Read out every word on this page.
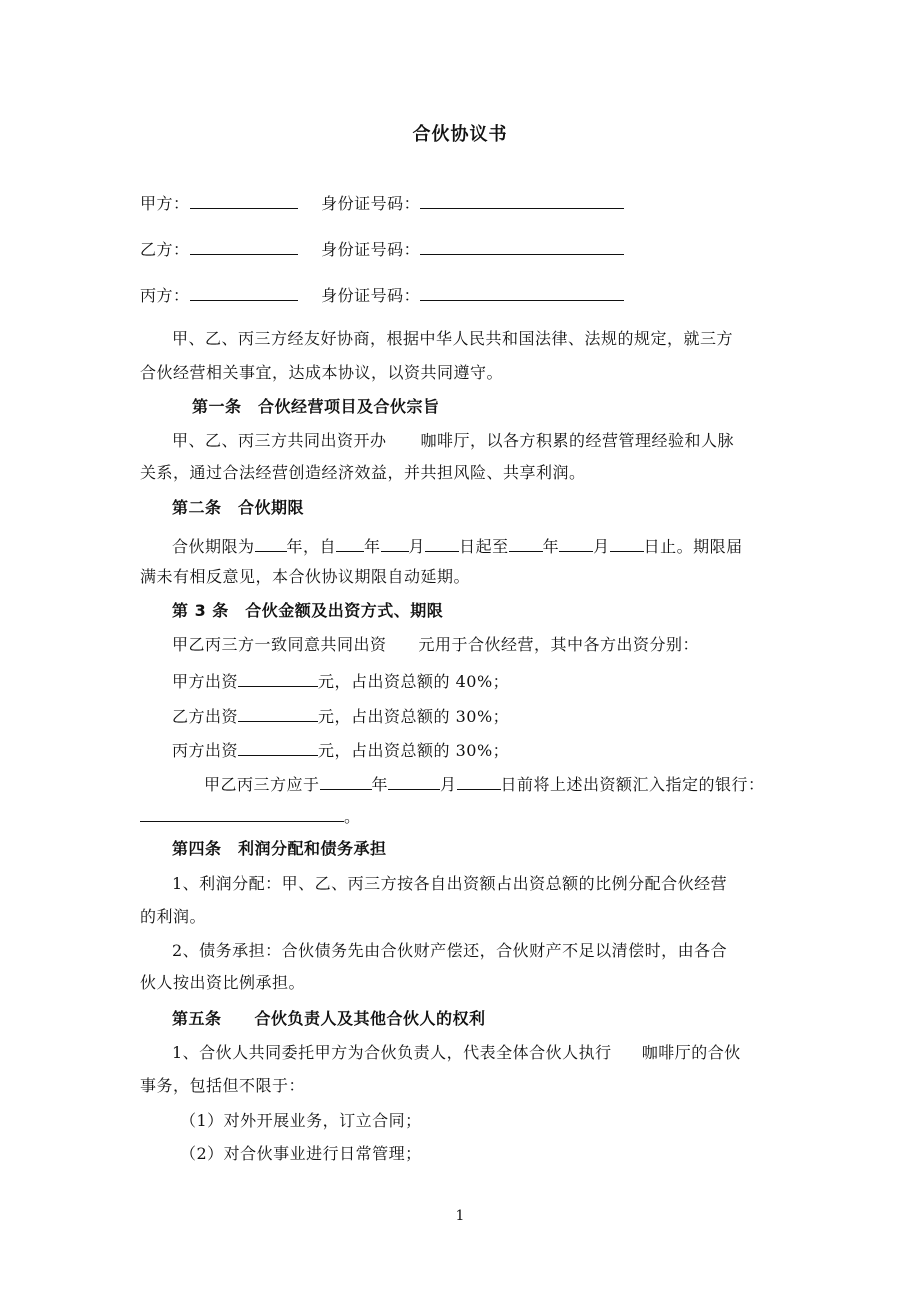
合伙协议书
甲方：	身份证号码：
乙方：	身份证号码：
丙方：	身份证号码：
甲、乙、丙三方经友好协商，根据中华人民共和国法律、法规的规定，就三方
合伙经营相关事宜，达成本协议，以资共同遵守。
第一条　合伙经营项目及合伙宗旨
甲、乙、丙三方共同出资开办 咖啡厅，以各方积累的经营管理经验和人脉
关系，通过合法经营创造经济效益，并共担风险、共享利润。
第二条　合伙期限
合伙期限为 年，自 年 月 日起至 年 月 日止。期限届
满未有相反意见，本合伙协议期限自动延期。
第 3 条　合伙金额及出资方式、期限
甲乙丙三方一致同意共同出资 元用于合伙经营，其中各方出资分别：
甲方出资	元，占出资总额的 40%；
乙方出资	元，占出资总额的 30%；
丙方出资	元，占出资总额的 30%；
甲乙丙三方应于	年	月	日前将上述出资额汇入指定的银行：
。
第四条　利润分配和债务承担
1、利润分配：甲、乙、丙三方按各自出资额占出资总额的比例分配合伙经营
的利润。
2、债务承担：合伙债务先由合伙财产偿还，合伙财产不足以清偿时，由各合
伙人按出资比例承担。
第五条　　合伙负责人及其他合伙人的权利
1、合伙人共同委托甲方为合伙负责人，代表全体合伙人执行 咖啡厅的合伙
事务，包括但不限于：
（1）对外开展业务，订立合同；
（2）对合伙事业进行日常管理；
1
